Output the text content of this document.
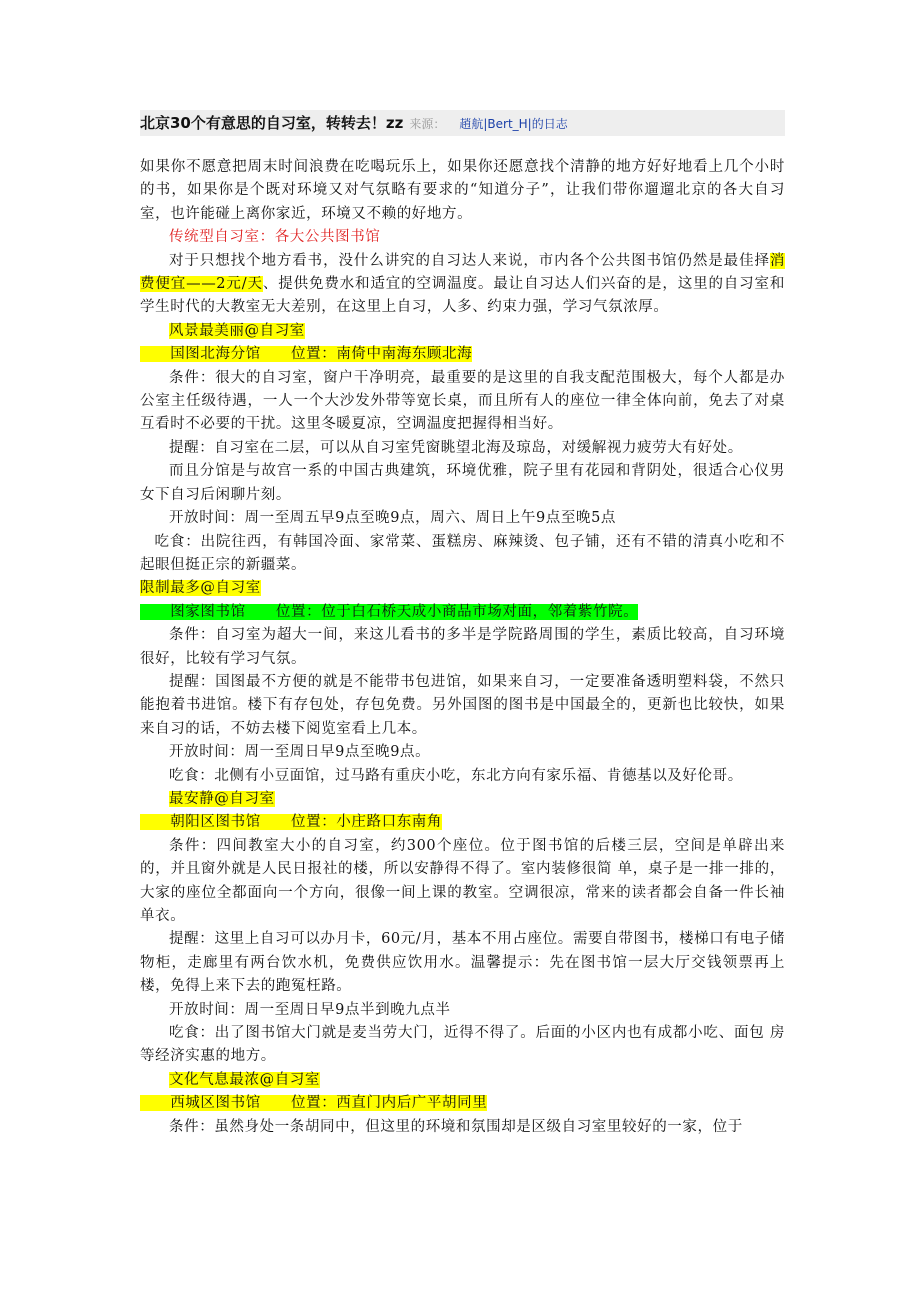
北京30个有意思的自习室，转转去！zz 来源： 趙航|Bert_H|的日志

如果你不愿意把周末时间浪费在吃喝玩乐上，如果你还愿意找个清静的地方好好地看上几个小时的书，如果你是个既对环境又对气氛略有要求的“知道分子”，让我们带你遛遛北京的各大自习室，也许能碰上离你家近，环境又不赖的好地方。

传统型自习室：各大公共图书馆

对于只想找个地方看书，没什么讲究的自习达人来说，市内各个公共图书馆仍然是最佳择消费便宜——2元/天、提供免费水和适宜的空调温度。最让自习达人们兴奋的是，这里的自习室和学生时代的大教室无大差别，在这里上自习，人多、约束力强，学习气氛浓厚。

风景最美丽@自习室

　　国图北海分馆　　 位置：南倚中南海东顾北海

条件：很大的自习室，窗户干净明亮，最重要的是这里的自我支配范围极大，每个人都是办公室主任级待遇，一人一个大沙发外带等宽长桌，而且所有人的座位一律全体向前，免去了对桌互看时不必要的干扰。这里冬暖夏凉，空调温度把握得相当好。

提醒：自习室在二层，可以从自习室凭窗眺望北海及琼岛，对缓解视力疲劳大有好处。

而且分馆是与故宫一系的中国古典建筑，环境优雅，院子里有花园和背阴处，很适合心仪男女下自习后闲聊片刻。

开放时间：周一至周五早9点至晚9点，周六、周日上午9点至晚5点

吃食：出院往西，有韩国冷面、家常菜、蛋糕房、麻辣烫、包子铺，还有不错的清真小吃和不起眼但挺正宗的新疆菜。

限制最多@自习室

　　图家图书馆　　位置：位于白石桥天成小商品市场对面，邻着紫竹院。

条件：自习室为超大一间，来这儿看书的多半是学院路周围的学生，素质比较高，自习环境很好，比较有学习气氛。

提醒：国图最不方便的就是不能带书包进馆，如果来自习，一定要准备透明塑料袋，不然只能抱着书进馆。楼下有存包处，存包免费。另外国图的图书是中国最全的，更新也比较快，如果来自习的话，不妨去楼下阅览室看上几本。

开放时间：周一至周日早9点至晚9点。

吃食：北侧有小豆面馆，过马路有重庆小吃，东北方向有家乐福、肯德基以及好伦哥。

最安静@自习室

　　朝阳区图书馆　　位置：小庄路口东南角

条件：四间教室大小的自习室，约300个座位。位于图书馆的后楼三层，空间是单辟出来的，并且窗外就是人民日报社的楼，所以安静得不得了。室内装修很简 单，桌子是一排一排的，大家的座位全都面向一个方向，很像一间上课的教室。空调很凉，常来的读者都会自备一件长袖单衣。

提醒：这里上自习可以办月卡，60元/月，基本不用占座位。需要自带图书，楼梯口有电子储物柜，走廊里有两台饮水机，免费供应饮用水。温馨提示：先在图书馆一层大厅交钱领票再上楼，免得上来下去的跑冤枉路。

开放时间：周一至周日早9点半到晚九点半

吃食：出了图书馆大门就是麦当劳大门，近得不得了。后面的小区内也有成都小吃、面包 房等经济实惠的地方。

文化气息最浓@自习室

　　西城区图书馆　　位置：西直门内后广平胡同里

条件：虽然身处一条胡同中，但这里的环境和氛围却是区级自习室里较好的一家，位于
